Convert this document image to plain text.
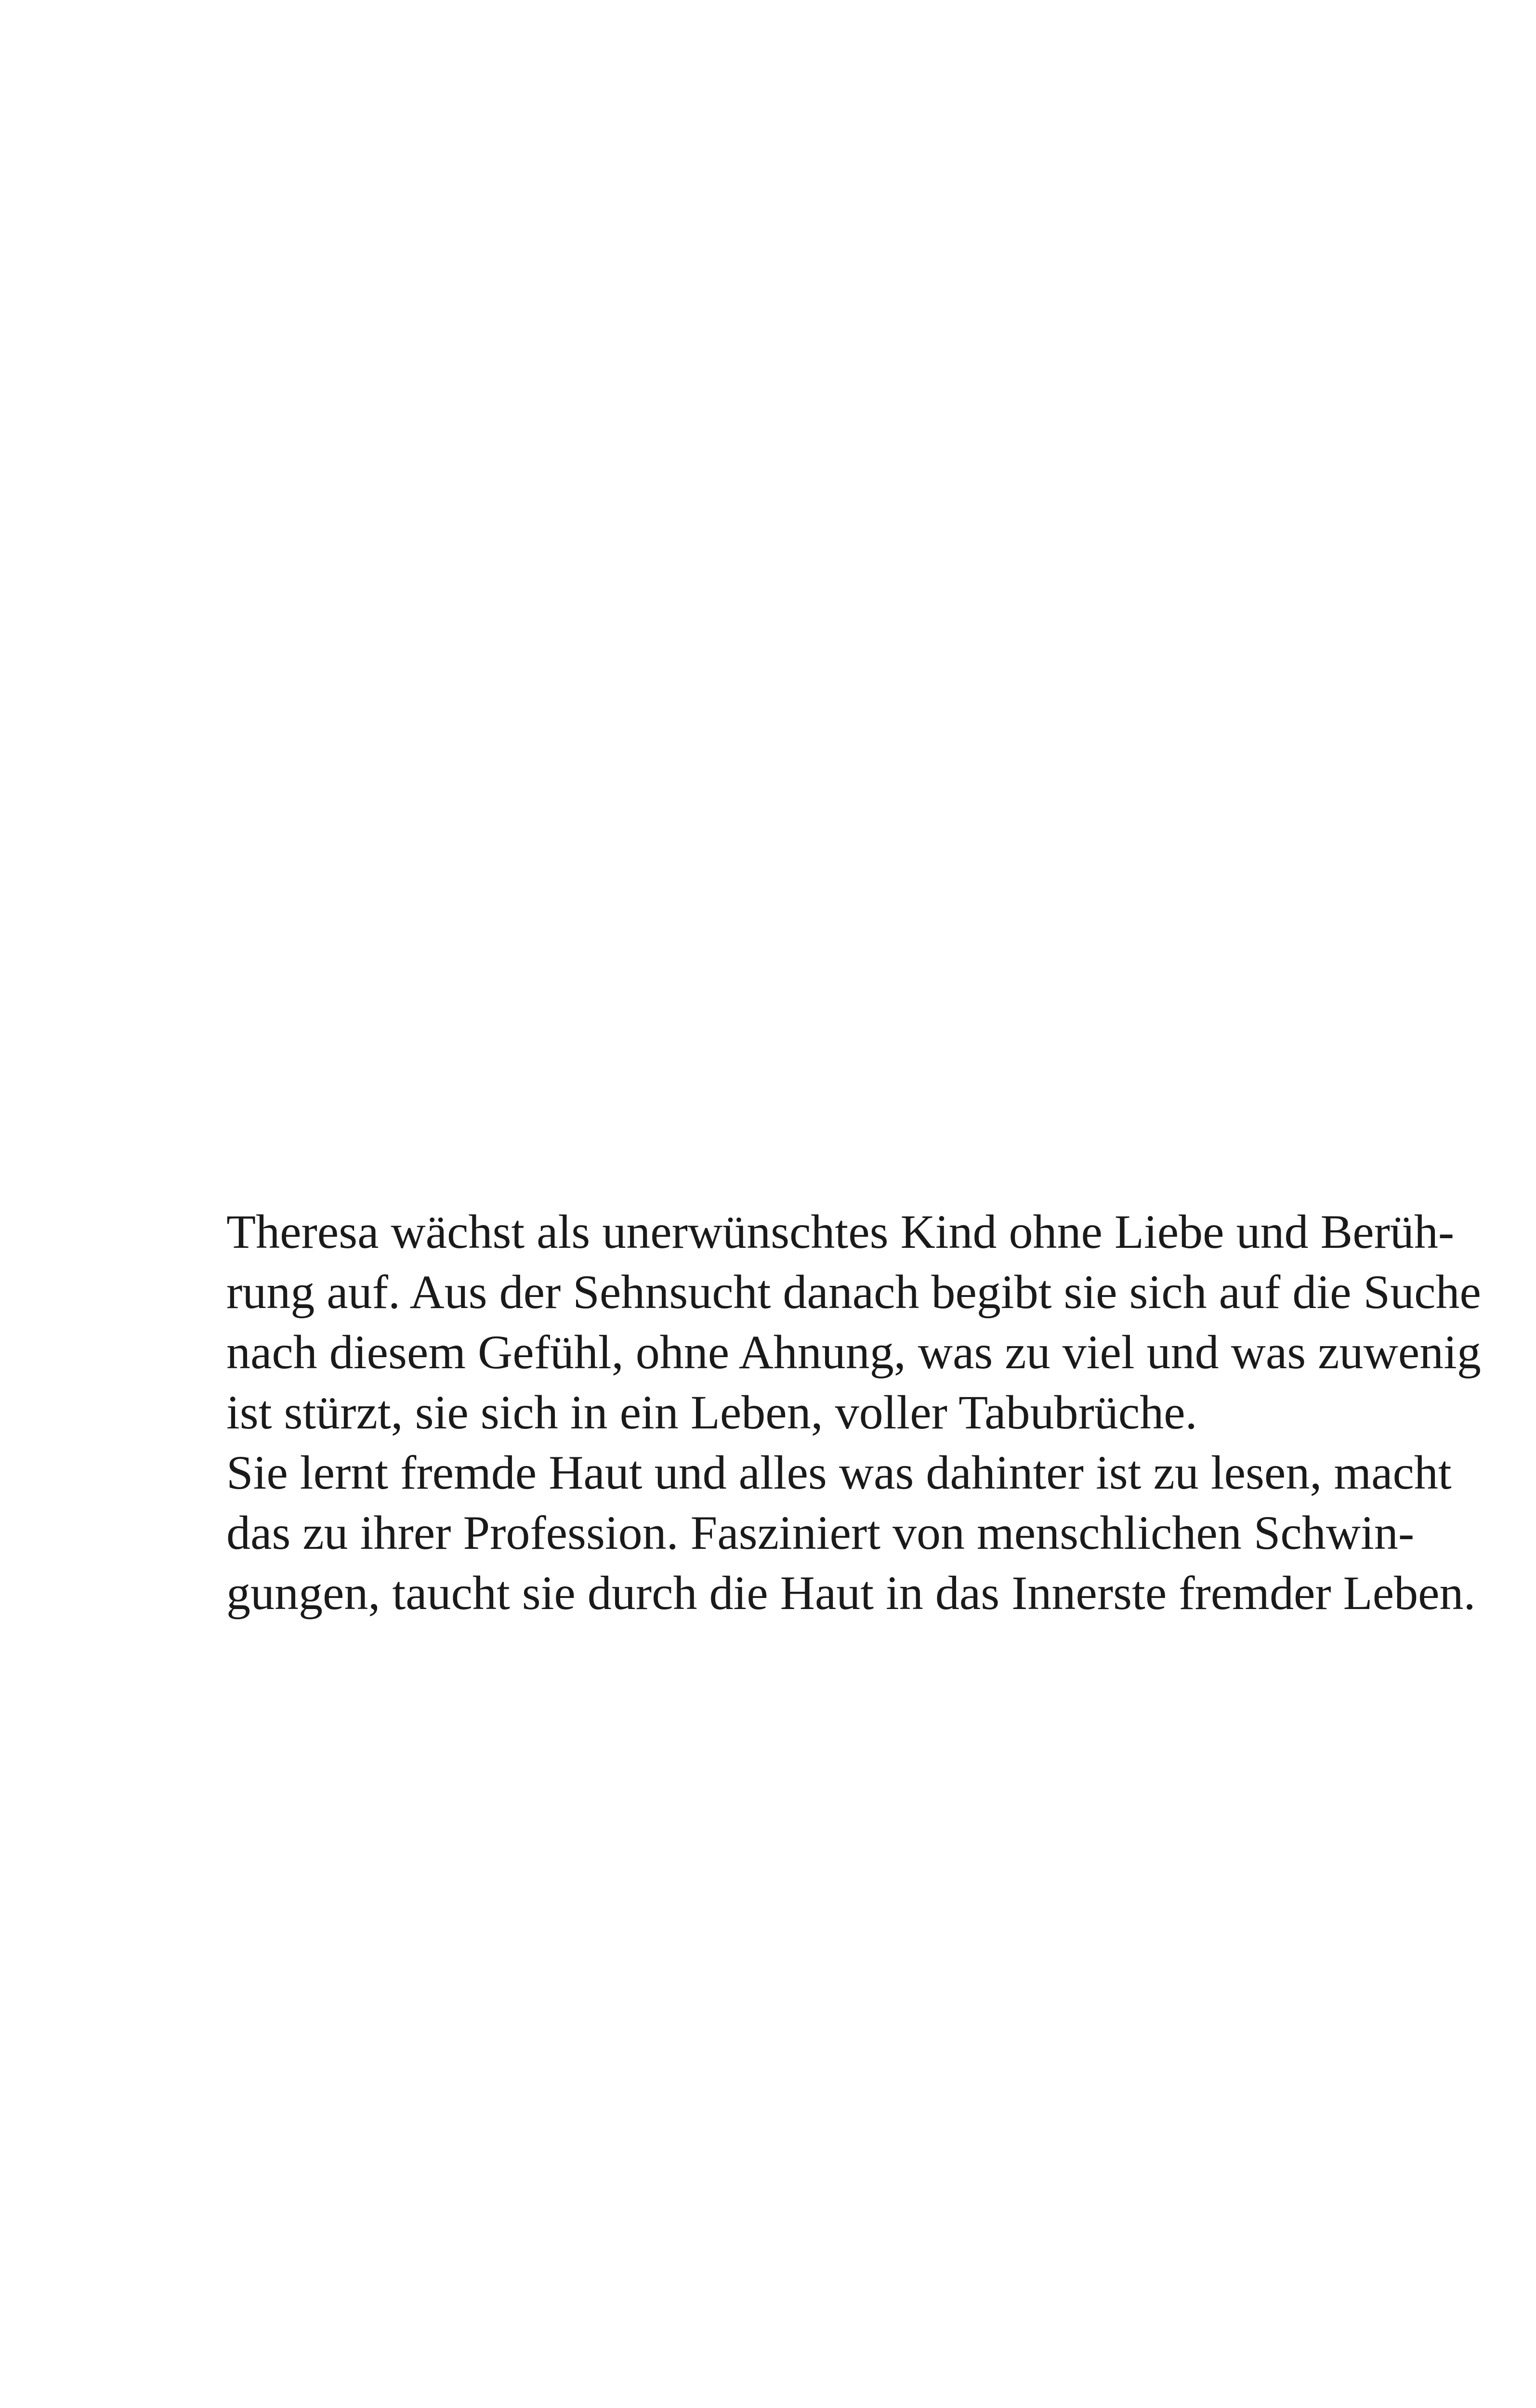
Theresa wächst als unerwünschtes Kind ohne Liebe und Berüh-
rung auf. Aus der Sehnsucht danach begibt sie sich auf die Suche
nach diesem Gefühl, ohne Ahnung, was zu viel und was zuwenig
ist stürzt, sie sich in ein Leben, voller Tabubrüche.
Sie lernt fremde Haut und alles was dahinter ist zu lesen, macht
das zu ihrer Profession. Fasziniert von menschlichen Schwin-
gungen, taucht sie durch die Haut in das Innerste fremder Leben.
